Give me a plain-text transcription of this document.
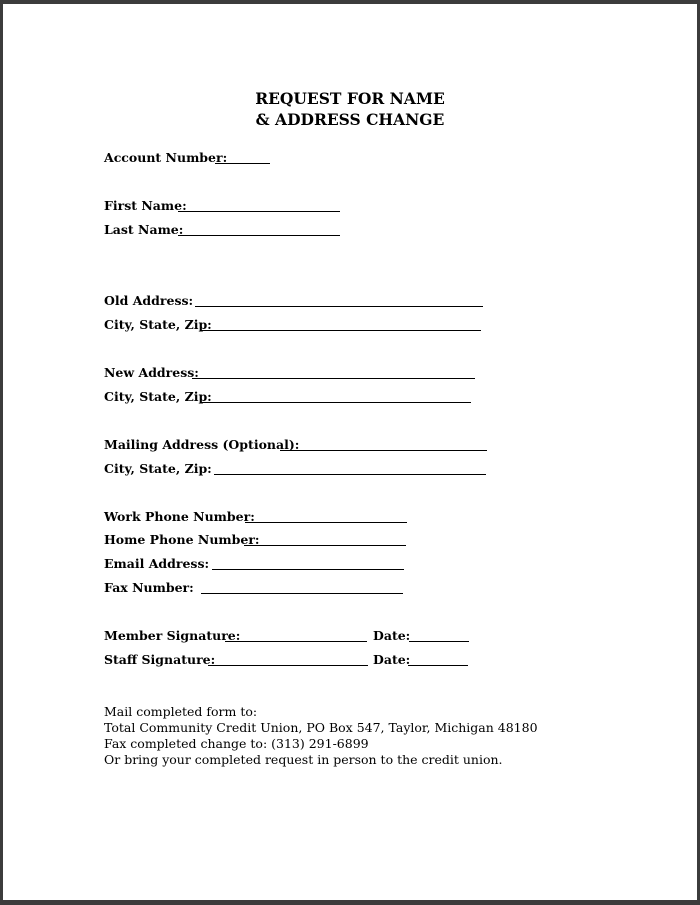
REQUEST FOR NAME
& ADDRESS CHANGE
Account Number:
First Name:
Last Name:
Old Address:
City, State, Zip:
New Address:
City, State, Zip:
Mailing Address (Optional):
City, State, Zip:
Work Phone Number:
Home Phone Number:
Email Address:
Fax Number:
Member Signature:	Date:
Staff Signature:	Date:
Mail completed form to:
Total Community Credit Union, PO Box 547, Taylor, Michigan 48180
Fax completed change to: (313) 291-6899
Or bring your completed request in person to the credit union.
